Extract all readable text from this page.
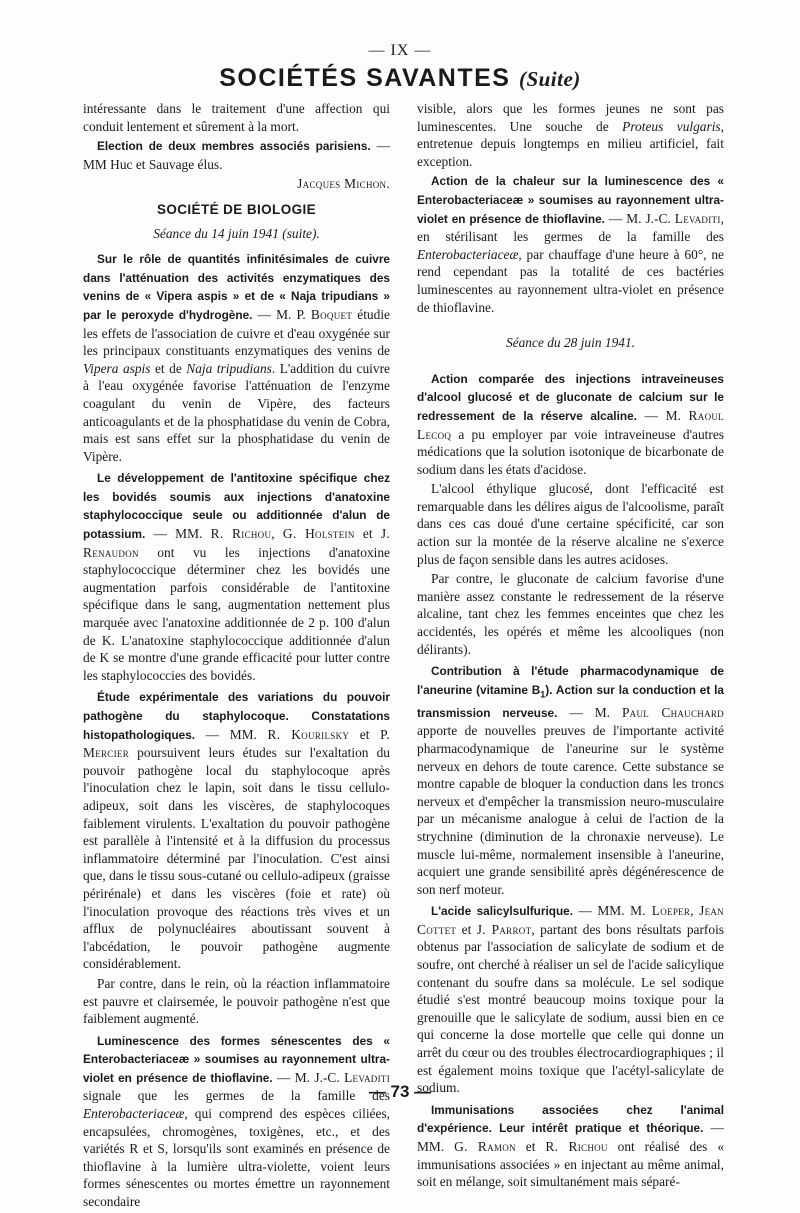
— IX —
SOCIÉTÉS SAVANTES (Suite)

intéressante dans le traitement d'une affection qui conduit lentement et sûrement à la mort.

Election de deux membres associés parisiens. — MM Huc et Sauvage élus.

Jacques Michon.

SOCIÉTÉ DE BIOLOGIE
Séance du 14 juin 1941 (suite).

Sur le rôle de quantités infinitésimales de cuivre dans l'atténuation des activités enzymatiques des venins de « Vipera aspis » et de « Naja tripudians » par le peroxyde d'hydrogène. — M. P. Boquet étudie les effets de l'association de cuivre et d'eau oxygénée sur les principaux constituants enzymatiques des venins de Vipera aspis et de Naja tripudians. L'addition du cuivre à l'eau oxygénée favorise l'atténuation de l'enzyme coagulant du venin de Vipère, des facteurs anticoagulants et de la phosphatidase du venin de Cobra, mais est sans effet sur la phosphatidase du venin de Vipère.

Le développement de l'antitoxine spécifique chez les bovidés soumis aux injections d'anatoxine staphylococcique seule ou additionnée d'alun de potassium. — MM. R. Richou, G. Holstein et J. Renaudon ont vu les injections d'anatoxine staphylococcique déterminer chez les bovidés une augmentation parfois considérable de l'antitoxine spécifique dans le sang, augmentation nettement plus marquée avec l'anatoxine additionnée de 2 p. 100 d'alun de K. L'anatoxine staphylococcique additionnée d'alun de K se montre d'une grande efficacité pour lutter contre les staphylococcies des bovidés.

Étude expérimentale des variations du pouvoir pathogène du staphylocoque. Constatations histopathologiques. — MM. R. Kourilsky et P. Mercier poursuivent leurs études sur l'exaltation du pouvoir pathogène local du staphylocoque après l'inoculation chez le lapin, soit dans le tissu cellulo-adipeux, soit dans les viscères, de staphylocoques faiblement virulents. L'exaltation du pouvoir pathogène est parallèle à l'intensité et à la diffusion du processus inflammatoire déterminé par l'inoculation. C'est ainsi que, dans le tissu sous-cutané ou cellulo-adipeux (graisse périrénale) et dans les viscères (foie et rate) où l'inoculation provoque des réactions très vives et un afflux de polynucléaires aboutissant souvent à l'abcédation, le pouvoir pathogène augmente considérablement.

Par contre, dans le rein, où la réaction inflammatoire est pauvre et clairsemée, le pouvoir pathogène n'est que faiblement augmenté.

Luminescence des formes sénescentes des « Enterobacteriaceæ » soumises au rayonnement ultra-violet en présence de thioflavine. — M. J.-C. Levaditi signale que les germes de la famille des Enterobacteriaceæ, qui comprend des espèces ciliées, encapsulées, chromogènes, toxigènes, etc., et des variétés R et S, lorsqu'ils sont examinés en présence de thioflavine à la lumière ultra-violette, voient leurs formes sénescentes ou mortes émettre un rayonnement secondaire

visible, alors que les formes jeunes ne sont pas luminescentes. Une souche de Proteus vulgaris, entretenue depuis longtemps en milieu artificiel, fait exception.

Action de la chaleur sur la luminescence des « Enterobacteriaceæ » soumises au rayonnement ultra-violet en présence de thioflavine. — M. J.-C. Levaditi, en stérilisant les germes de la famille des Enterobacteriaceæ, par chauffage d'une heure à 60°, ne rend cependant pas la totalité de ces bactéries luminescentes au rayonnement ultra-violet en présence de thioflavine.

Séance du 28 juin 1941.

Action comparée des injections intraveineuses d'alcool glucosé et de gluconate de calcium sur le redressement de la réserve alcaline. — M. Raoul Lecoq a pu employer par voie intraveineuse d'autres médications que la solution isotonique de bicarbonate de sodium dans les états d'acidose.

L'alcool éthylique glucosé, dont l'efficacité est remarquable dans les délires aigus de l'alcoolisme, paraît dans ces cas doué d'une certaine spécificité, car son action sur la montée de la réserve alcaline ne s'exerce plus de façon sensible dans les autres acidoses.

Par contre, le gluconate de calcium favorise d'une manière assez constante le redressement de la réserve alcaline, tant chez les femmes enceintes que chez les accidentés, les opérés et même les alcooliques (non délirants).

Contribution à l'étude pharmacodynamique de l'aneurine (vitamine $B_1$). Action sur la conduction et la transmission nerveuse. — M. Paul Chauchard apporte de nouvelles preuves de l'importante activité pharmacodynamique de l'aneurine sur le système nerveux en dehors de toute carence. Cette substance se montre capable de bloquer la conduction dans les troncs nerveux et d'empêcher la transmission neuro-musculaire par un mécanisme analogue à celui de l'action de la strychnine (diminution de la chronaxie nerveuse). Le muscle lui-même, normalement insensible à l'aneurine, acquiert une grande sensibilité après dégénérescence de son nerf moteur.

L'acide salicylsulfurique. — MM. M. Loeper, Jean Cottet et J. Parrot, partant des bons résultats parfois obtenus par l'association de salicylate de sodium et de soufre, ont cherché à réaliser un sel de l'acide salicylique contenant du soufre dans sa molécule. Le sel sodique étudié s'est montré beaucoup moins toxique pour la grenouille que le salicylate de sodium, aussi bien en ce qui concerne la dose mortelle que celle qui donne un arrêt du cœur ou des troubles électrocardiographiques ; il est également moins toxique que l'acétyl-salicylate de sodium.

Immunisations associées chez l'animal d'expérience. Leur intérêt pratique et théorique. — MM. G. Ramon et R. Richou ont réalisé des « immunisations associées » en injectant au même animal, soit en mélange, soit simultanément mais séparé-

— 73 —
